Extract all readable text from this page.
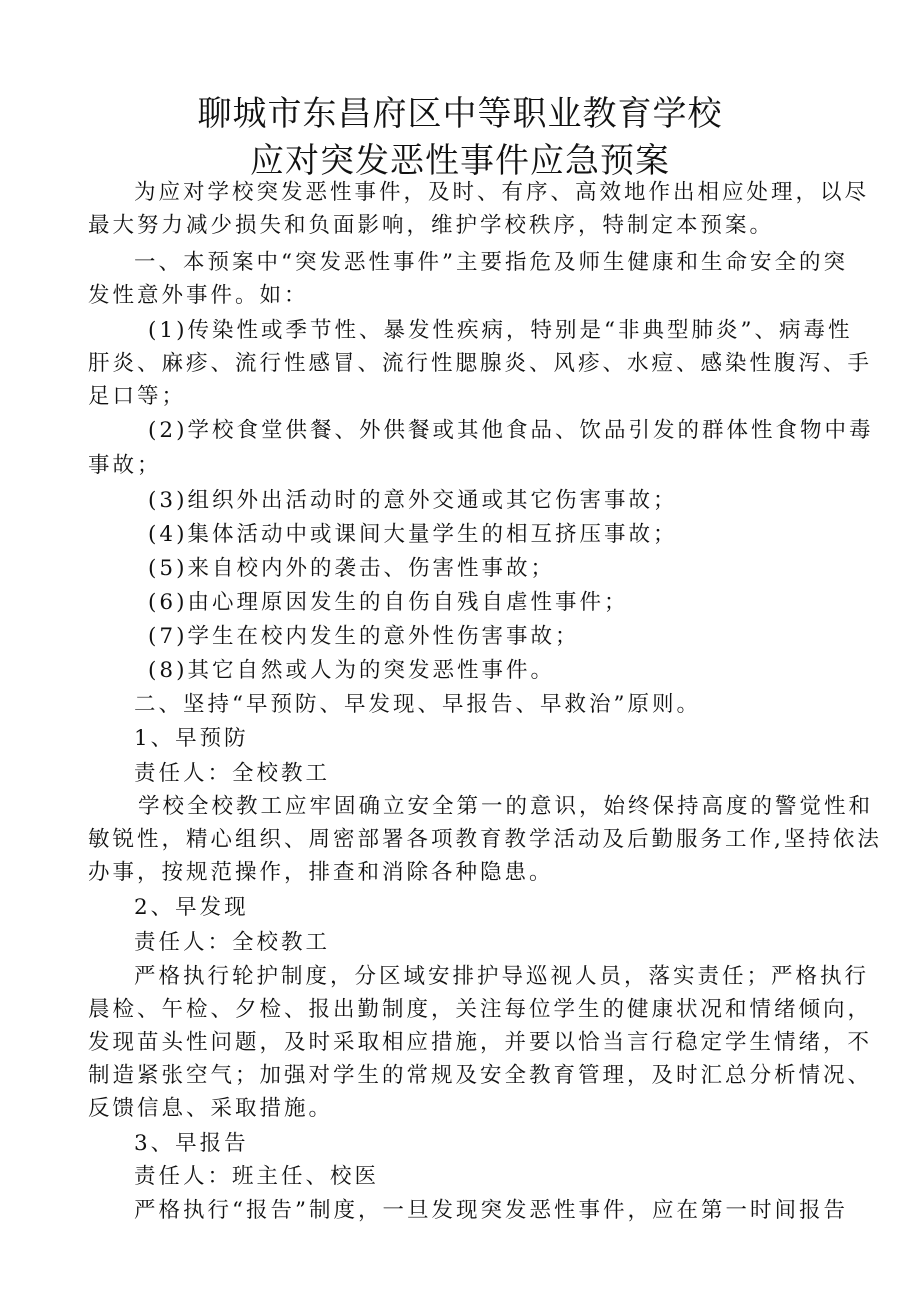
聊城市东昌府区中等职业教育学校
应对突发恶性事件应急预案
为应对学校突发恶性事件，及时、有序、高效地作出相应处理，以尽
最大努力减少损失和负面影响，维护学校秩序，特制定本预案。
一、本预案中“突发恶性事件”主要指危及师生健康和生命安全的突
发性意外事件。如：
(1)传染性或季节性、暴发性疾病，特别是“非典型肺炎”、病毒性
肝炎、麻疹、流行性感冒、流行性腮腺炎、风疹、水痘、感染性腹泻、手
足口等；
(2)学校食堂供餐、外供餐或其他食品、饮品引发的群体性食物中毒
事故；
(3)组织外出活动时的意外交通或其它伤害事故；
(4)集体活动中或课间大量学生的相互挤压事故；
(5)来自校内外的袭击、伤害性事故；
(6)由心理原因发生的自伤自残自虐性事件；
(7)学生在校内发生的意外性伤害事故；
(8)其它自然或人为的突发恶性事件。
二、坚持“早预防、早发现、早报告、早救治”原则。
1、早预防
责任人：全校教工
学校全校教工应牢固确立安全第一的意识，始终保持高度的警觉性和
敏锐性，精心组织、周密部署各项教育教学活动及后勤服务工作,坚持依法
办事，按规范操作，排查和消除各种隐患。
2、早发现
责任人：全校教工
严格执行轮护制度，分区域安排护导巡视人员，落实责任；严格执行
晨检、午检、夕检、报出勤制度，关注每位学生的健康状况和情绪倾向，
发现苗头性问题，及时采取相应措施，并要以恰当言行稳定学生情绪，不
制造紧张空气；加强对学生的常规及安全教育管理，及时汇总分析情况、
反馈信息、采取措施。
3、早报告
责任人：班主任、校医
严格执行“报告”制度，一旦发现突发恶性事件，应在第一时间报告
